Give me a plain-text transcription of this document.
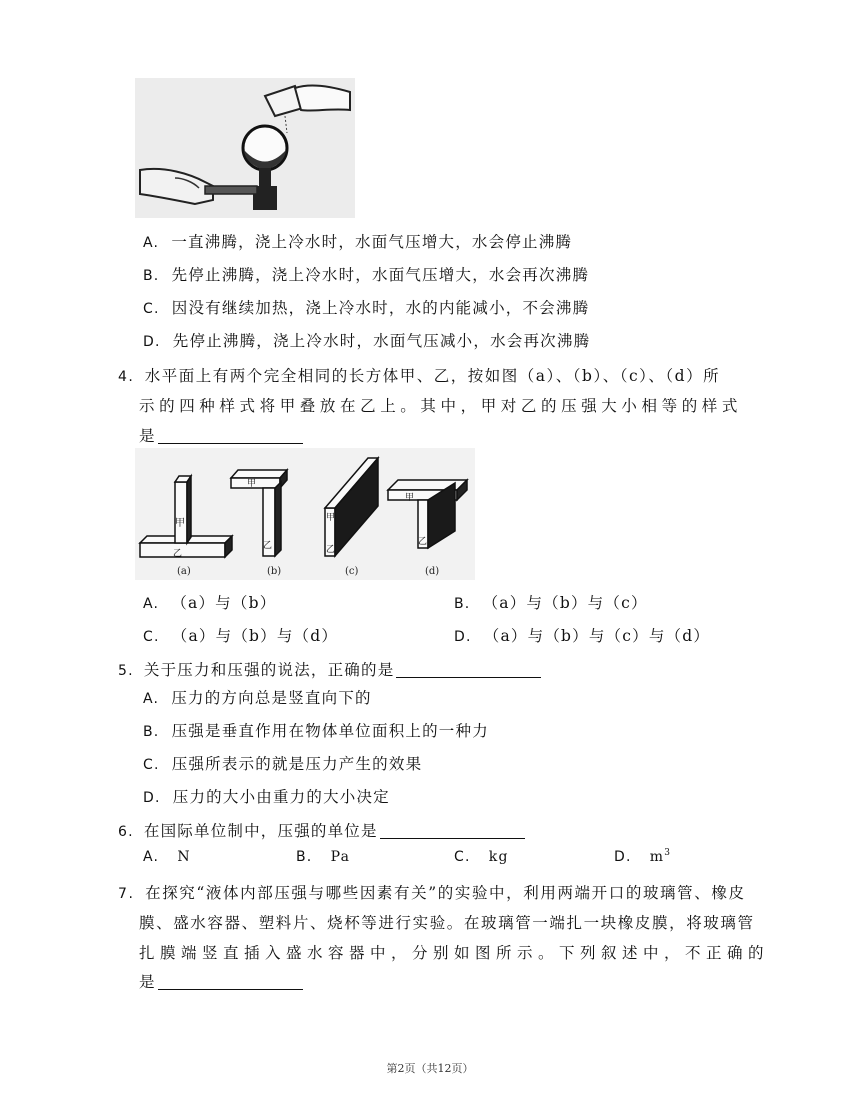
A. 一直沸腾，浇上冷水时，水面气压增大，水会停止沸腾
B. 先停止沸腾，浇上冷水时，水面气压增大，水会再次沸腾
C. 因没有继续加热，浇上冷水时，水的内能减小，不会沸腾
D. 先停止沸腾，浇上冷水时，水面气压减小，水会再次沸腾
4. 水平面上有两个完全相同的长方体甲、乙，按如图（a）、（b）、（c）、（d）所
示的四种样式将甲叠放在乙上。其中，甲对乙的压强大小相等的样式
是
甲
乙
甲
乙
甲
乙
甲
乙
(a)	(b)	(c)	(d)
A. （a）与（b）	B. （a）与（b）与（c）
C. （a）与（b）与（d）	D. （a）与（b）与（c）与（d）
5. 关于压力和压强的说法，正确的是
A. 压力的方向总是竖直向下的
B. 压强是垂直作用在物体单位面积上的一种力
C. 压强所表示的就是压力产生的效果
D. 压力的大小由重力的大小决定
6. 在国际单位制中，压强的单位是
A. N	B. Pa	C. kg	D. $m^3$
7. 在探究“液体内部压强与哪些因素有关”的实验中，利用两端开口的玻璃管、橡皮
膜、盛水容器、塑料片、烧杯等进行实验。在玻璃管一端扎一块橡皮膜，将玻璃管
扎膜端竖直插入盛水容器中，分别如图所示。下列叙述中，不正确的
是
第2页（共12页）
